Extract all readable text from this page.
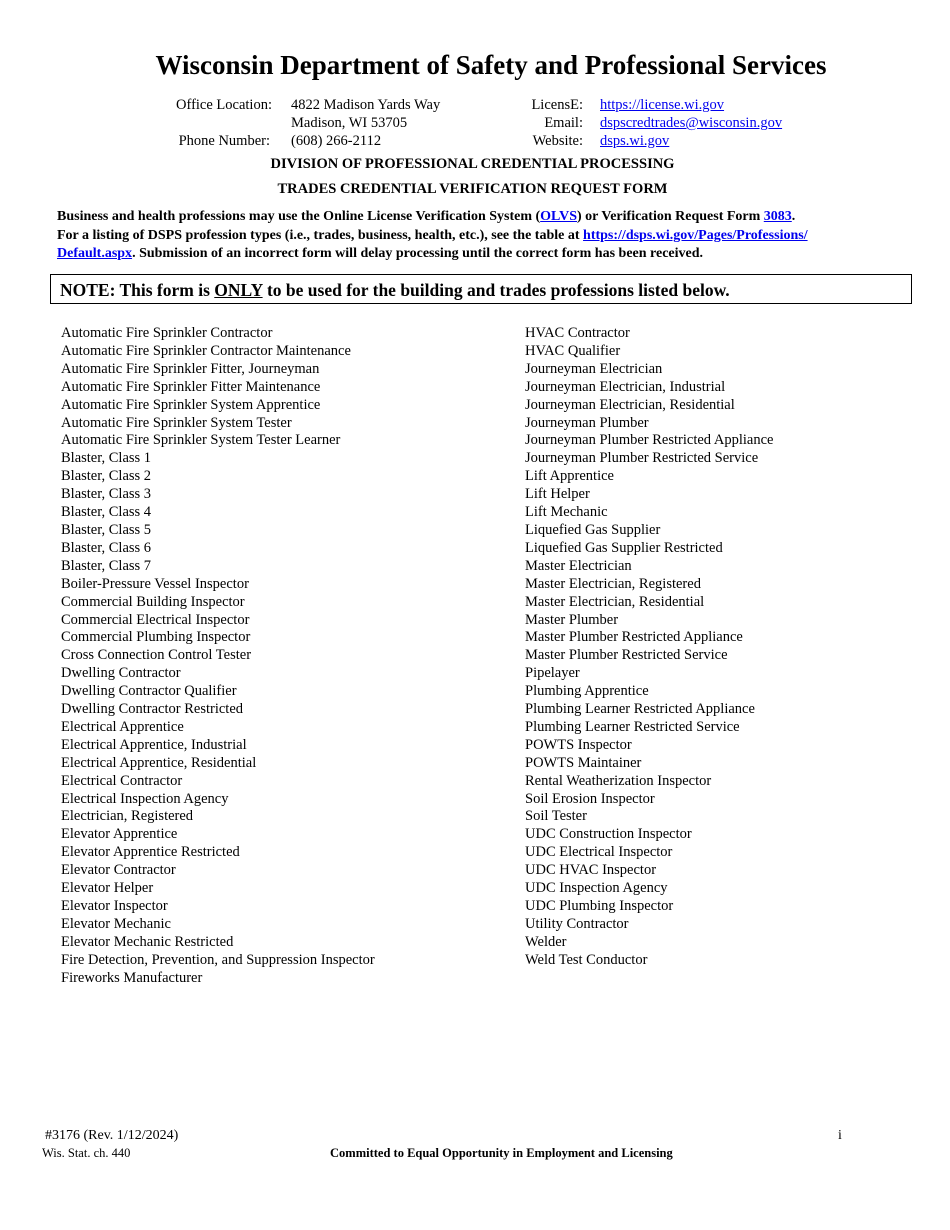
Wisconsin Department of Safety and Professional Services
Office Location: 4822 Madison Yards Way
Madison, WI 53705
Phone Number: (608) 266-2112
LicensE: https://license.wi.gov
Email: dspscredtrades@wisconsin.gov
Website: dsps.wi.gov
DIVISION OF PROFESSIONAL CREDENTIAL PROCESSING
TRADES CREDENTIAL VERIFICATION REQUEST FORM
Business and health professions may use the Online License Verification System (OLVS) or Verification Request Form 3083.
For a listing of DSPS profession types (i.e., trades, business, health, etc.), see the table at https://dsps.wi.gov/Pages/Professions/
Default.aspx. Submission of an incorrect form will delay processing until the correct form has been received.
NOTE: This form is ONLY to be used for the building and trades professions listed below.
Automatic Fire Sprinkler Contractor
Automatic Fire Sprinkler Contractor Maintenance
Automatic Fire Sprinkler Fitter, Journeyman
Automatic Fire Sprinkler Fitter Maintenance
Automatic Fire Sprinkler System Apprentice
Automatic Fire Sprinkler System Tester
Automatic Fire Sprinkler System Tester Learner
Blaster, Class 1
Blaster, Class 2
Blaster, Class 3
Blaster, Class 4
Blaster, Class 5
Blaster, Class 6
Blaster, Class 7
Boiler-Pressure Vessel Inspector
Commercial Building Inspector
Commercial Electrical Inspector
Commercial Plumbing Inspector
Cross Connection Control Tester
Dwelling Contractor
Dwelling Contractor Qualifier
Dwelling Contractor Restricted
Electrical Apprentice
Electrical Apprentice, Industrial
Electrical Apprentice, Residential
Electrical Contractor
Electrical Inspection Agency
Electrician, Registered
Elevator Apprentice
Elevator Apprentice Restricted
Elevator Contractor
Elevator Helper
Elevator Inspector
Elevator Mechanic
Elevator Mechanic Restricted
Fire Detection, Prevention, and Suppression Inspector
Fireworks Manufacturer
HVAC Contractor
HVAC Qualifier
Journeyman Electrician
Journeyman Electrician, Industrial
Journeyman Electrician, Residential
Journeyman Plumber
Journeyman Plumber Restricted Appliance
Journeyman Plumber Restricted Service
Lift Apprentice
Lift Helper
Lift Mechanic
Liquefied Gas Supplier
Liquefied Gas Supplier Restricted
Master Electrician
Master Electrician, Registered
Master Electrician, Residential
Master Plumber
Master Plumber Restricted Appliance
Master Plumber Restricted Service
Pipelayer
Plumbing Apprentice
Plumbing Learner Restricted Appliance
Plumbing Learner Restricted Service
POWTS Inspector
POWTS Maintainer
Rental Weatherization Inspector
Soil Erosion Inspector
Soil Tester
UDC Construction Inspector
UDC Electrical Inspector
UDC HVAC Inspector
UDC Inspection Agency
UDC Plumbing Inspector
Utility Contractor
Welder
Weld Test Conductor
#3176 (Rev. 1/12/2024)
Wis. Stat. ch. 440	Committed to Equal Opportunity in Employment and Licensing
i
